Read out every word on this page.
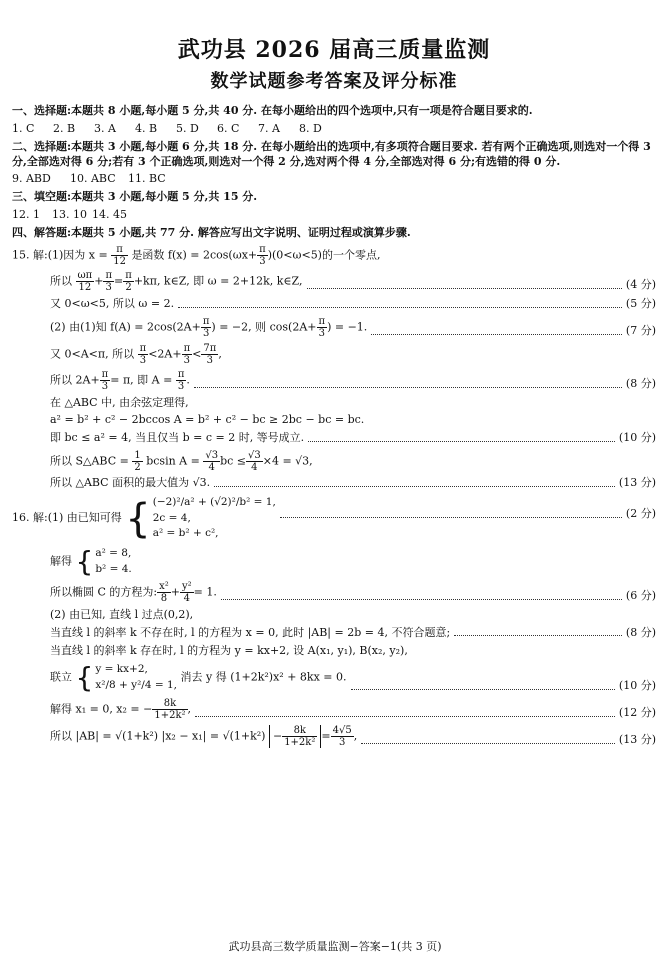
武功县 2026 届高三质量监测
数学试题参考答案及评分标准
一、选择题:本题共 8 小题,每小题 5 分,共 40 分. 在每小题给出的四个选项中,只有一项是符合题目要求的.
1. C	2. B	3. A	4. B	5. D	6. C	7. A	8. D
二、选择题:本题共 3 小题,每小题 6 分,共 18 分. 在每小题给出的选项中,有多项符合题目要求. 若有两个正确选项,则选对一个得 3 分,全部选对得 6 分;若有 3 个正确选项,则选对一个得 2 分,选对两个得 4 分,全部选对得 6 分;有选错的得 0 分.
9. ABD	10. ABC	11. BC
三、填空题:本题共 3 小题,每小题 5 分,共 15 分.
12. 1	13. 10 14. 45
四、解答题:本题共 5 小题,共 77 分. 解答应写出文字说明、证明过程或演算步骤.
15. 解:(1)因为 $x = \frac{\pi}{12}$ 是函数 $f(x) = 2\cos(\omega x+ \frac{\pi}{3} )(0<\omega<5)$的一个零点,
所以 $\frac{\omega\pi}{12} + \frac{\pi}{3} = \frac{\pi}{2} +k\pi$, k∈Z, 即 ω = 2+12k, k∈Z,	(4 分)
又 0<ω<5, 所以 ω = 2.	(5 分)
(2) 由(1)知 $f(A) = 2\cos(2A+ \frac{\pi}{3}$ ) = −2, 则 $\cos(2A+ \frac{\pi}{3}$ ) = −1.	(7 分)
又 0<A<π, 所以 $\frac{\pi}{3} <2A+ \frac{\pi}{3} < \frac{7\pi}{3}$ ,
所以 $2A+ \frac{\pi}{3} = \pi$, 即 $A = \frac{\pi}{3}$ .	(8 分)
在 △ABC 中, 由余弦定理得,
a² = b² + c² − 2bccos A = b² + c² − bc ≥ 2bc − bc = bc.
即 bc ≤ a² = 4, 当且仅当 b = c = 2 时, 等号成立.	(10 分)
所以 S△ABC = $\frac{1}{2}$ bcsin $A = \frac{√3}{4}$ bc ≤ $\frac{√3}{4} \times 4 = √3$,
所以 △ABC 面积的最大值为 √3.	(13 分)
16. 解:(1) 由已知可得 { (−2)²/a² + (√2)²/b² = 1,
2c = 4,
a² = b² + c²,
(2 分)
解得 { a² = 8,
b² = 4.
所以椭圆 C 的方程为: $\frac{\text{x²}}{8} + \frac{\text{y²}}{4} = 1$.	(6 分)
(2) 由已知, 直线 l 过点(0,2),
当直线 l 的斜率 k 不存在时, l 的方程为 x = 0, 此时 |AB| = 2b = 4, 不符合题意;	(8 分)
当直线 l 的斜率 k 存在时, l 的方程为 y = kx+2, 设 A(x₁, y₁), B(x₂, y₂),
联立 { y = kx+2,
x²/8 + y²/4 = 1,
消去 y 得 (1+2k²)x² + 8kx = 0.
(10 分)
解得 x₁ = 0, x₂ = − $\frac{8k}{\text{1+2k²}}$ ,	(12 分)
所以 |AB| = √(1+k²) $|x_2 - x_1| = √(1+k^2) - \frac{8k}{\text{1+2k²}} = \frac{4√5}{3}$ ,	(13 分)
武功县高三数学质量监测−答案−1(共 3 页)
